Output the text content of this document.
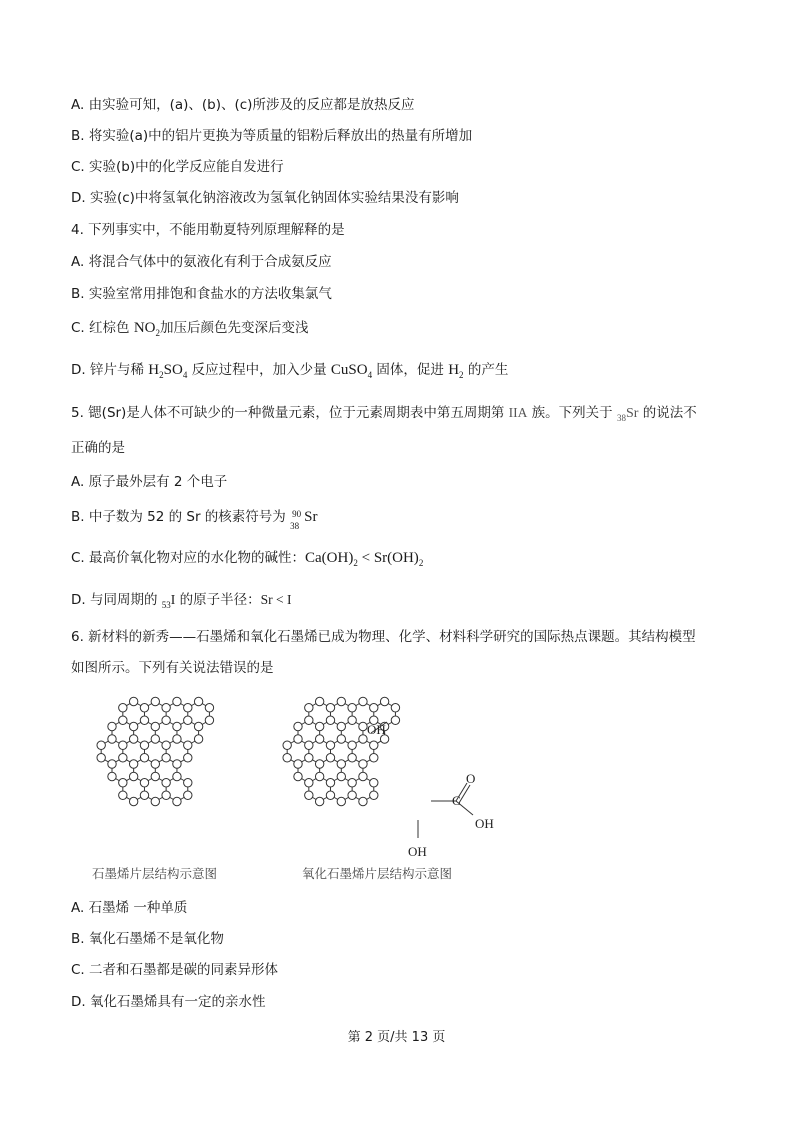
A. 由实验可知，(a)、(b)、(c)所涉及的反应都是放热反应
B. 将实验(a)中的铝片更换为等质量的铝粉后释放出的热量有所增加
C. 实验(b)中的化学反应能自发进行
D. 实验(c)中将氢氧化钠溶液改为氢氧化钠固体实验结果没有影响
4. 下列事实中，不能用勒夏特列原理解释的是
A. 将混合气体中的氨液化有利于合成氨反应
B. 实验室常用排饱和食盐水的方法收集氯气
C. 红棕色 $NO_2$加压后颜色先变深后变浅
D. 锌片与稀 $H_2SO_4$ 反应过程中，加入少量 CuSO$_4$ 固体，促进 $H_2$ 的产生
5. 锶(Sr)是人体不可缺少的一种微量元素，位于元素周期表中第五周期第 IIA 族。下列关于 $_{38}$Sr 的说法不
正确的是
A. 原子最外层有 2 个电子
B. 中子数为 52 的 Sr 的核素符号为 90
38
Sr
C. 最高价氧化物对应的水化物的碱性：$Ca(OH)_2 < Sr(OH)_2$
D. 与同周期的 $_{53}$I 的原子半径：Sr < I
6. 新材料的新秀——石墨烯和氧化石墨烯已成为物理、化学、材料科学研究的国际热点课题。其结构模型
如图所示。下列有关说法错误的是
OH
O
C
OH
OH
石墨烯片层结构示意图	氧化石墨烯片层结构示意图
A. 石墨烯 一种单质
B. 氧化石墨烯不是氧化物
C. 二者和石墨都是碳的同素异形体
D. 氧化石墨烯具有一定的亲水性
第 2 页/共 13 页
